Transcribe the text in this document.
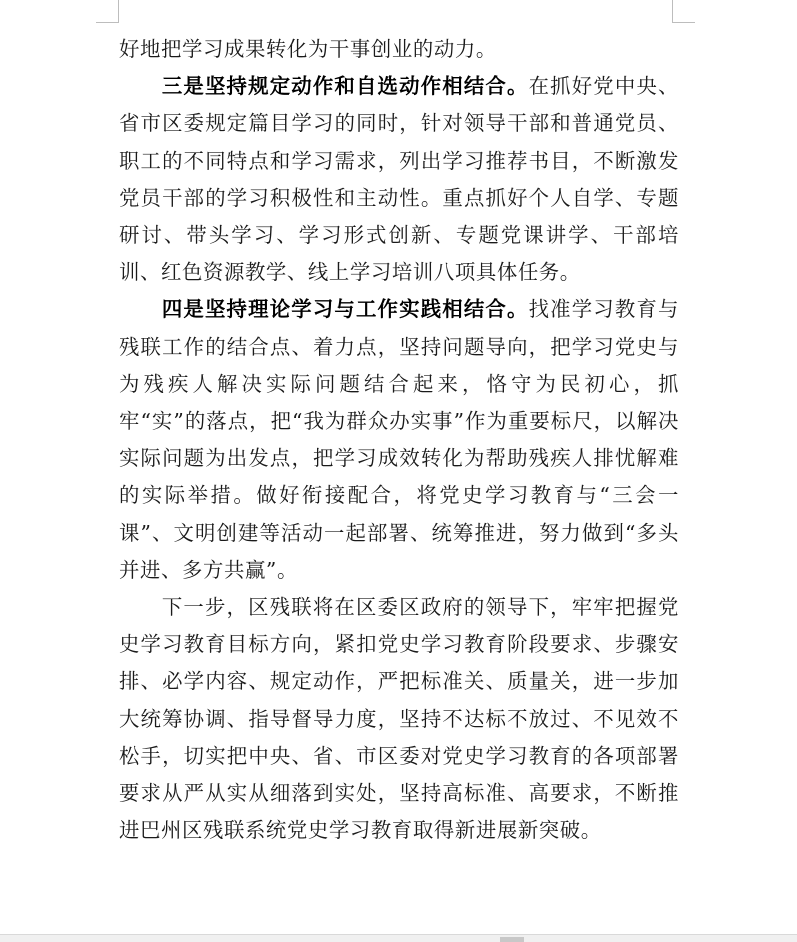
好地把学习成果转化为干事创业的动力。

三是坚持规定动作和自选动作相结合。在抓好党中央、省市区委规定篇目学习的同时，针对领导干部和普通党员、职工的不同特点和学习需求，列出学习推荐书目，不断激发党员干部的学习积极性和主动性。重点抓好个人自学、专题研讨、带头学习、学习形式创新、专题党课讲学、干部培训、红色资源教学、线上学习培训八项具体任务。

四是坚持理论学习与工作实践相结合。找准学习教育与残联工作的结合点、着力点，坚持问题导向，把学习党史与为残疾人解决实际问题结合起来，恪守为民初心，抓牢“实”的落点，把“我为群众办实事”作为重要标尺，以解决实际问题为出发点，把学习成效转化为帮助残疾人排忧解难的实际举措。做好衔接配合，将党史学习教育与“三会一课”、文明创建等活动一起部署、统筹推进，努力做到“多头并进、多方共赢”。

下一步，区残联将在区委区政府的领导下，牢牢把握党史学习教育目标方向，紧扣党史学习教育阶段要求、步骤安排、必学内容、规定动作，严把标准关、质量关，进一步加大统筹协调、指导督导力度，坚持不达标不放过、不见效不松手，切实把中央、省、市区委对党史学习教育的各项部署要求从严从实从细落到实处，坚持高标准、高要求，不断推进巴州区残联系统党史学习教育取得新进展新突破。
